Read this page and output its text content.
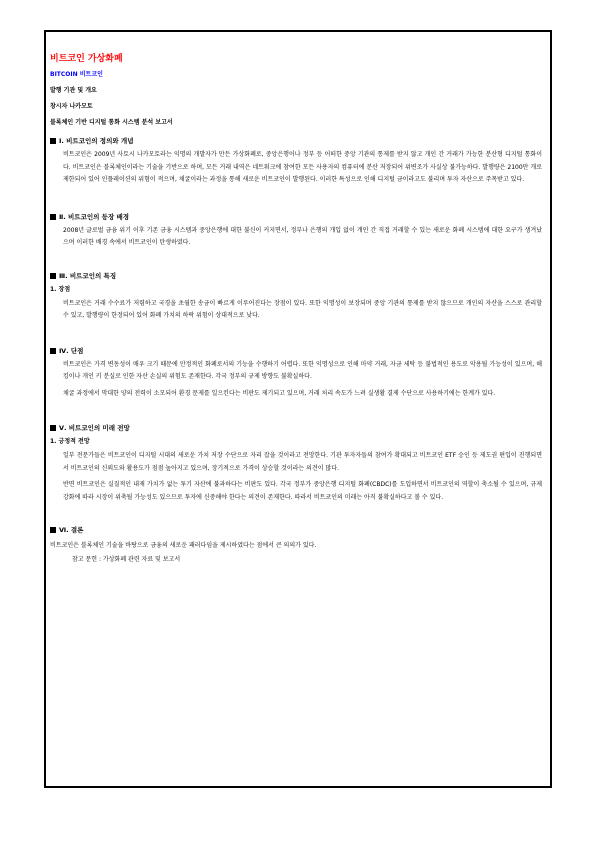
비트코인 가상화폐
BITCOIN 비트코인
발행 기관 및 개요
창시자 나카모토
블록체인 기반 디지털 통화 시스템 분석 보고서
Ⅰ. 비트코인의 정의와 개념
비트코인은 2009년 사토시 나카모토라는 익명의 개발자가 만든 가상화폐로, 중앙은행이나 정부 등 어떠한 중앙 기관의 통제를 받지 않고 개인 간 거래가 가능한 분산형 디지털 통화이다. 비트코인은 블록체인이라는 기술을 기반으로 하며, 모든 거래 내역은 네트워크에 참여한 모든 사용자의 컴퓨터에 분산 저장되어 위변조가 사실상 불가능하다. 발행량은 2100만 개로 제한되어 있어 인플레이션의 위험이 적으며, 채굴이라는 과정을 통해 새로운 비트코인이 발행된다. 이러한 특성으로 인해 디지털 금이라고도 불리며 투자 자산으로 주목받고 있다.
Ⅱ. 비트코인의 등장 배경
2008년 글로벌 금융 위기 이후 기존 금융 시스템과 중앙은행에 대한 불신이 커지면서, 정부나 은행의 개입 없이 개인 간 직접 거래할 수 있는 새로운 화폐 시스템에 대한 요구가 생겨났으며 이러한 배경 속에서 비트코인이 탄생하였다.
Ⅲ. 비트코인의 특징
1. 장점
비트코인은 거래 수수료가 저렴하고 국경을 초월한 송금이 빠르게 이루어진다는 장점이 있다. 또한 익명성이 보장되며 중앙 기관의 통제를 받지 않으므로 개인의 자산을 스스로 관리할 수 있고, 발행량이 한정되어 있어 화폐 가치의 하락 위험이 상대적으로 낮다.
Ⅳ. 단점
비트코인은 가격 변동성이 매우 크기 때문에 안정적인 화폐로서의 기능을 수행하기 어렵다. 또한 익명성으로 인해 마약 거래, 자금 세탁 등 불법적인 용도로 악용될 가능성이 있으며, 해킹이나 개인 키 분실로 인한 자산 손실의 위험도 존재한다. 각국 정부의 규제 방향도 불확실하다.
채굴 과정에서 막대한 양의 전력이 소모되어 환경 문제를 일으킨다는 비판도 제기되고 있으며, 거래 처리 속도가 느려 실생활 결제 수단으로 사용하기에는 한계가 있다.
Ⅴ. 비트코인의 미래 전망
1. 긍정적 전망
일부 전문가들은 비트코인이 디지털 시대의 새로운 가치 저장 수단으로 자리 잡을 것이라고 전망한다. 기관 투자자들의 참여가 확대되고 비트코인 ETF 승인 등 제도권 편입이 진행되면서 비트코인의 신뢰도와 활용도가 점점 높아지고 있으며, 장기적으로 가격이 상승할 것이라는 의견이 많다.
반면 비트코인은 실질적인 내재 가치가 없는 투기 자산에 불과하다는 비판도 있다. 각국 정부가 중앙은행 디지털 화폐(CBDC)를 도입하면서 비트코인의 역할이 축소될 수 있으며, 규제 강화에 따라 시장이 위축될 가능성도 있으므로 투자에 신중해야 한다는 의견이 존재한다. 따라서 비트코인의 미래는 아직 불확실하다고 볼 수 있다.
Ⅵ. 결론
비트코인은 블록체인 기술을 바탕으로 금융의 새로운 패러다임을 제시하였다는 점에서 큰 의의가 있다.
참고 문헌 : 가상화폐 관련 자료 및 보고서
